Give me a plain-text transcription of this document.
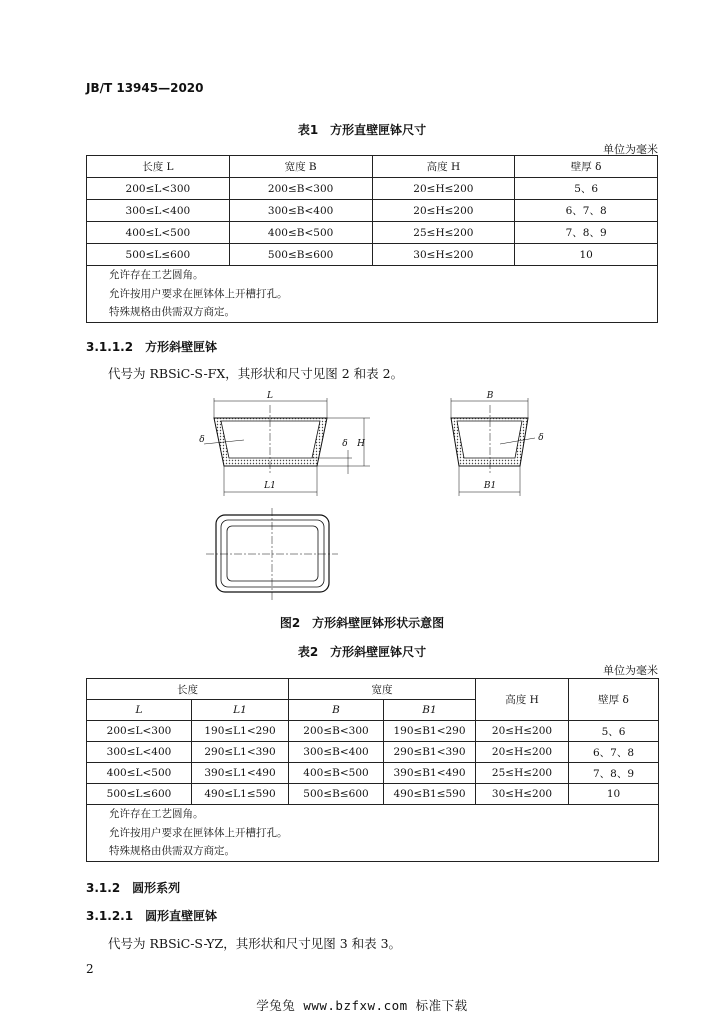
JB/T 13945—2020
表1　方形直壁匣钵尺寸
单位为毫米
长度 L	宽度 B	高度 H	壁厚 δ
200≤L<300	200≤B<300	20≤H≤200	5、6
300≤L<400	300≤B<400	20≤H≤200	6、7、8
400≤L<500	400≤B<500	25≤H≤200	7、8、9
500≤L≤600	500≤B≤600	30≤H≤200	10

允许存在工艺圆角。
允许按用户要求在匣钵体上开槽打孔。
特殊规格由供需双方商定。			
3.1.1.2　方形斜壁匣钵
代号为 RBSiC-S-FX，其形状和尺寸见图 2 和表 2。
L
L1
H
δ
δ
B
B1
δ
图2　方形斜壁匣钵形状示意图
表2　方形斜壁匣钵尺寸
单位为毫米
长度		宽度		高度 H	壁厚 δ
L	L1	B	B1		
200≤L<300	190≤L1<290	200≤B<300	190≤B1<290	20≤H≤200	5、6
300≤L<400	290≤L1<390	300≤B<400	290≤B1<390	20≤H≤200	6、7、8
400≤L<500	390≤L1<490	400≤B<500	390≤B1<490	25≤H≤200	7、8、9
500≤L≤600	490≤L1≤590	500≤B≤600	490≤B1≤590	30≤H≤200	10

允许存在工艺圆角。
允许按用户要求在匣钵体上开槽打孔。
特殊规格由供需双方商定。					
3.1.2　圆形系列
3.1.2.1　圆形直壁匣钵
代号为 RBSiC-S-YZ，其形状和尺寸见图 3 和表 3。
2
学兔兔 www.bzfxw.com 标准下载
